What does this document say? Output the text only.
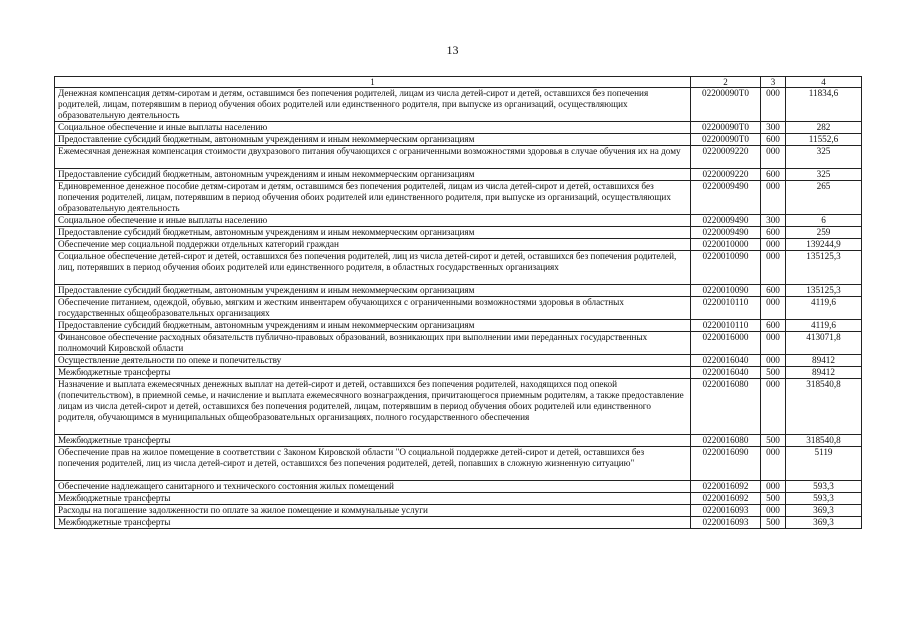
13
1	2	3	4
Денежная компенсация детям-сиротам и детям, оставшимся без попечения родителей, лицам из числа детей-сирот и детей, оставшихся без попечения родителей, лицам, потерявшим в период обучения обоих родителей или единственного родителя, при выпуске из организаций, осуществляющих образовательную деятельность	02200090Т0	000	11834,6
Социальное обеспечение и иные выплаты населению	02200090Т0	300	282
Предоставление субсидий бюджетным, автономным учреждениям и иным некоммерческим организациям	02200090Т0	600	11552,6
Ежемесячная денежная компенсация стоимости двухразового питания обучающихся с ограниченными возможностями здоровья в случае обучения их на дому	0220009220	000	325
Предоставление субсидий бюджетным, автономным учреждениям и иным некоммерческим организациям	0220009220	600	325
Единовременное денежное пособие детям-сиротам и детям, оставшимся без попечения родителей, лицам из числа детей-сирот и детей, оставшихся без попечения родителей, лицам, потерявшим в период обучения обоих родителей или единственного родителя, при выпуске из организаций, осуществляющих образовательную деятельность	0220009490	000	265
Социальное обеспечение и иные выплаты населению	0220009490	300	6
Предоставление субсидий бюджетным, автономным учреждениям и иным некоммерческим организациям	0220009490	600	259
Обеспечение мер социальной поддержки отдельных категорий граждан	0220010000	000	139244,9
Социальное обеспечение детей-сирот и детей, оставшихся без попечения родителей, лиц из числа детей-сирот и детей, оставшихся без попечения родителей, лиц, потерявших в период обучения обоих родителей или единственного родителя, в областных государственных организациях	0220010090	000	135125,3
Предоставление субсидий бюджетным, автономным учреждениям и иным некоммерческим организациям	0220010090	600	135125,3
Обеспечение питанием, одеждой, обувью, мягким и жестким инвентарем обучающихся с ограниченными возможностями здоровья в областных государственных общеобразовательных организациях	0220010110	000	4119,6
Предоставление субсидий бюджетным, автономным учреждениям и иным некоммерческим организациям	0220010110	600	4119,6
Финансовое обеспечение расходных обязательств публично-правовых образований, возникающих при выполнении ими переданных государственных полномочий Кировской области	0220016000	000	413071,8
Осуществление деятельности по опеке и попечительству	0220016040	000	89412
Межбюджетные трансферты	0220016040	500	89412
Назначение и выплата ежемесячных денежных выплат на детей-сирот и детей, оставшихся без попечения родителей, находящихся под опекой (попечительством), в приемной семье, и начисление и выплата ежемесячного вознаграждения, причитающегося приемным родителям, а также предоставление лицам из числа детей-сирот и детей, оставшихся без попечения родителей, лицам, потерявшим в период обучения обоих родителей или единственного родителя, обучающимся в муниципальных общеобразовательных организациях, полного государственного обеспечения	0220016080	000	318540,8
Межбюджетные трансферты	0220016080	500	318540,8
Обеспечение прав на жилое помещение в соответствии с Законом Кировской области "О социальной поддержке детей-сирот и детей, оставшихся без попечения родителей, лиц из числа детей-сирот и детей, оставшихся без попечения родителей, детей, попавших в сложную жизненную ситуацию"	0220016090	000	5119
Обеспечение надлежащего санитарного и технического состояния жилых помещений	0220016092	000	593,3
Межбюджетные трансферты	0220016092	500	593,3
Расходы на погашение задолженности по оплате за жилое помещение и коммунальные услуги	0220016093	000	369,3
Межбюджетные трансферты	0220016093	500	369,3
